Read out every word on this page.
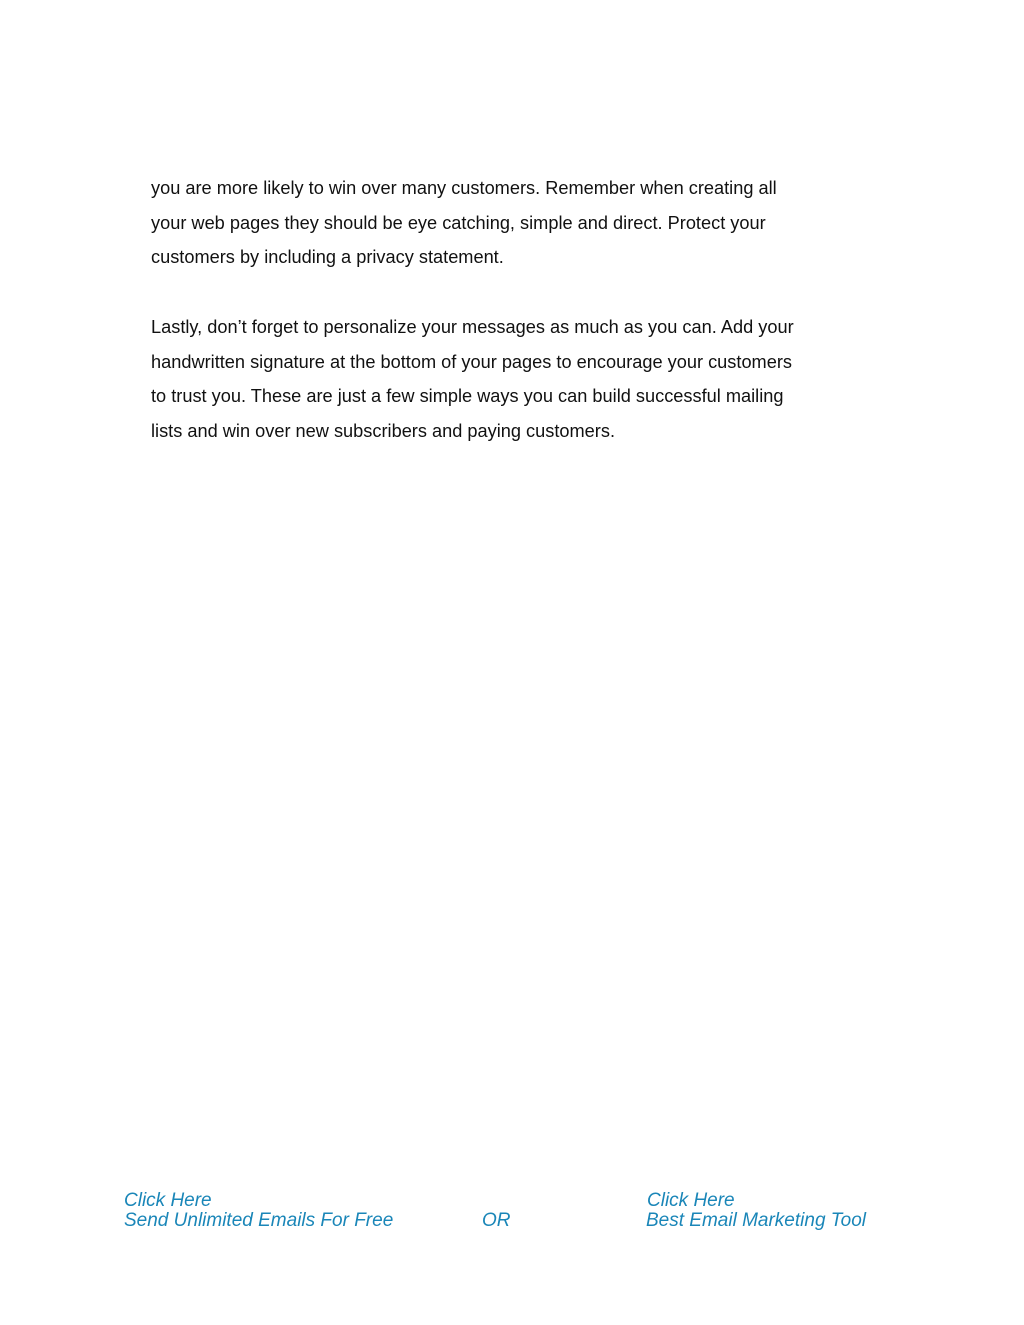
you are more likely to win over many customers. Remember when creating all
your web pages they should be eye catching, simple and direct. Protect your
customers by including a privacy statement.
Lastly, don’t forget to personalize your messages as much as you can. Add your
handwritten signature at the bottom of your pages to encourage your customers
to trust you. These are just a few simple ways you can build successful mailing
lists and win over new subscribers and paying customers.
Click Here
Send Unlimited Emails For Free	OR
Click Here
Best Email Marketing Tool
